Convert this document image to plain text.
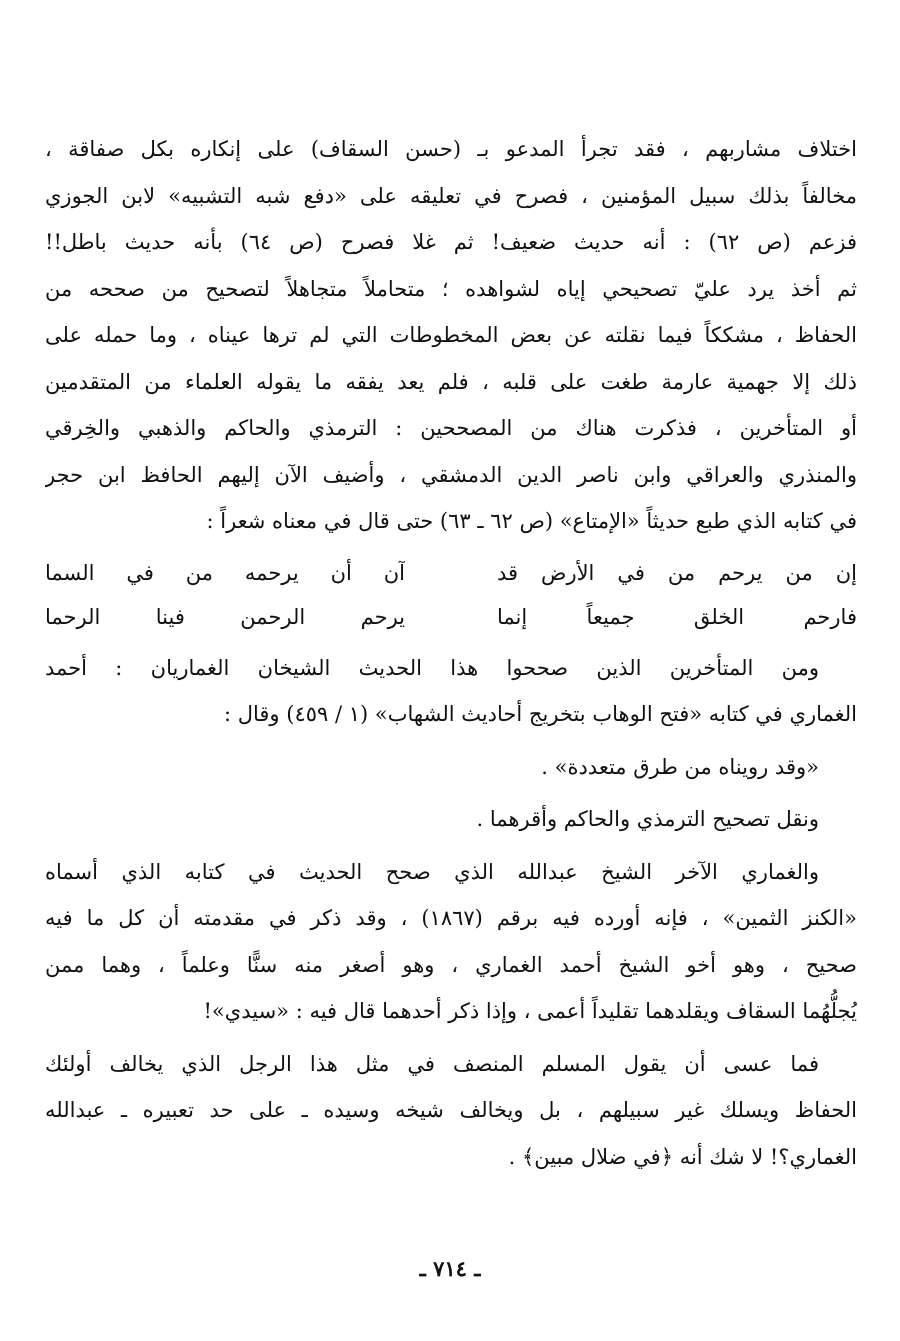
اختلاف مشاربهم ، فقد تجرأ المدعو بـ (حسن السقاف) على إنكاره بكل صفاقة ،
مخالفاً بذلك سبيل المؤمنين ، فصرح في تعليقه على «دفع شبه التشبيه» لابن الجوزي
فزعم (ص ٦٢) : أنه حديث ضعيف! ثم غلا فصرح (ص ٦٤) بأنه حديث باطل!!
ثم أخذ يرد عليّ تصحيحي إياه لشواهده ؛ متحاملاً متجاهلاً لتصحيح من صححه من
الحفاظ ، مشككاً فيما نقلته عن بعض المخطوطات التي لم ترها عيناه ، وما حمله على
ذلك إلا جهمية عارمة طغت على قلبه ، فلم يعد يفقه ما يقوله العلماء من المتقدمين
أو المتأخرين ، فذكرت هناك من المصححين : الترمذي والحاكم والذهبي والخِرقي
والمنذري والعراقي وابن ناصر الدين الدمشقي ، وأضيف الآن إليهم الحافظ ابن حجر
في كتابه الذي طبع حديثاً «الإمتاع» (ص ٦٢ ـ ٦٣) حتى قال في معناه شعراً :
إن من يرحم من في الأرض قد
آن أن يرحمه من في السما
فارحم الخلق جميعاً إنما
يرحم الرحمن فينا الرحما
ومن المتأخرين الذين صححوا هذا الحديث الشيخان الغماريان : أحمد
الغماري في كتابه «فتح الوهاب بتخريج أحاديث الشهاب» (١ / ٤٥٩) وقال :
«وقد رويناه من طرق متعددة» .
ونقل تصحيح الترمذي والحاكم وأقرهما .
والغماري الآخر الشيخ عبدالله الذي صحح الحديث في كتابه الذي أسماه
«الكنز الثمين» ، فإنه أورده فيه برقم (١٨٦٧) ، وقد ذكر في مقدمته أن كل ما فيه
صحيح ، وهو أخو الشيخ أحمد الغماري ، وهو أصغر منه سنًّا وعلماً ، وهما ممن
يُجلُّهُما السقاف ويقلدهما تقليداً أعمى ، وإذا ذكر أحدهما قال فيه : «سيدي»!
فما عسى أن يقول المسلم المنصف في مثل هذا الرجل الذي يخالف أولئك
الحفاظ ويسلك غير سبيلهم ، بل ويخالف شيخه وسيده ـ على حد تعبيره ـ عبدالله
الغماري؟! لا شك أنه ﴿في ضلال مبين﴾ .
ـ ٧١٤ ـ
